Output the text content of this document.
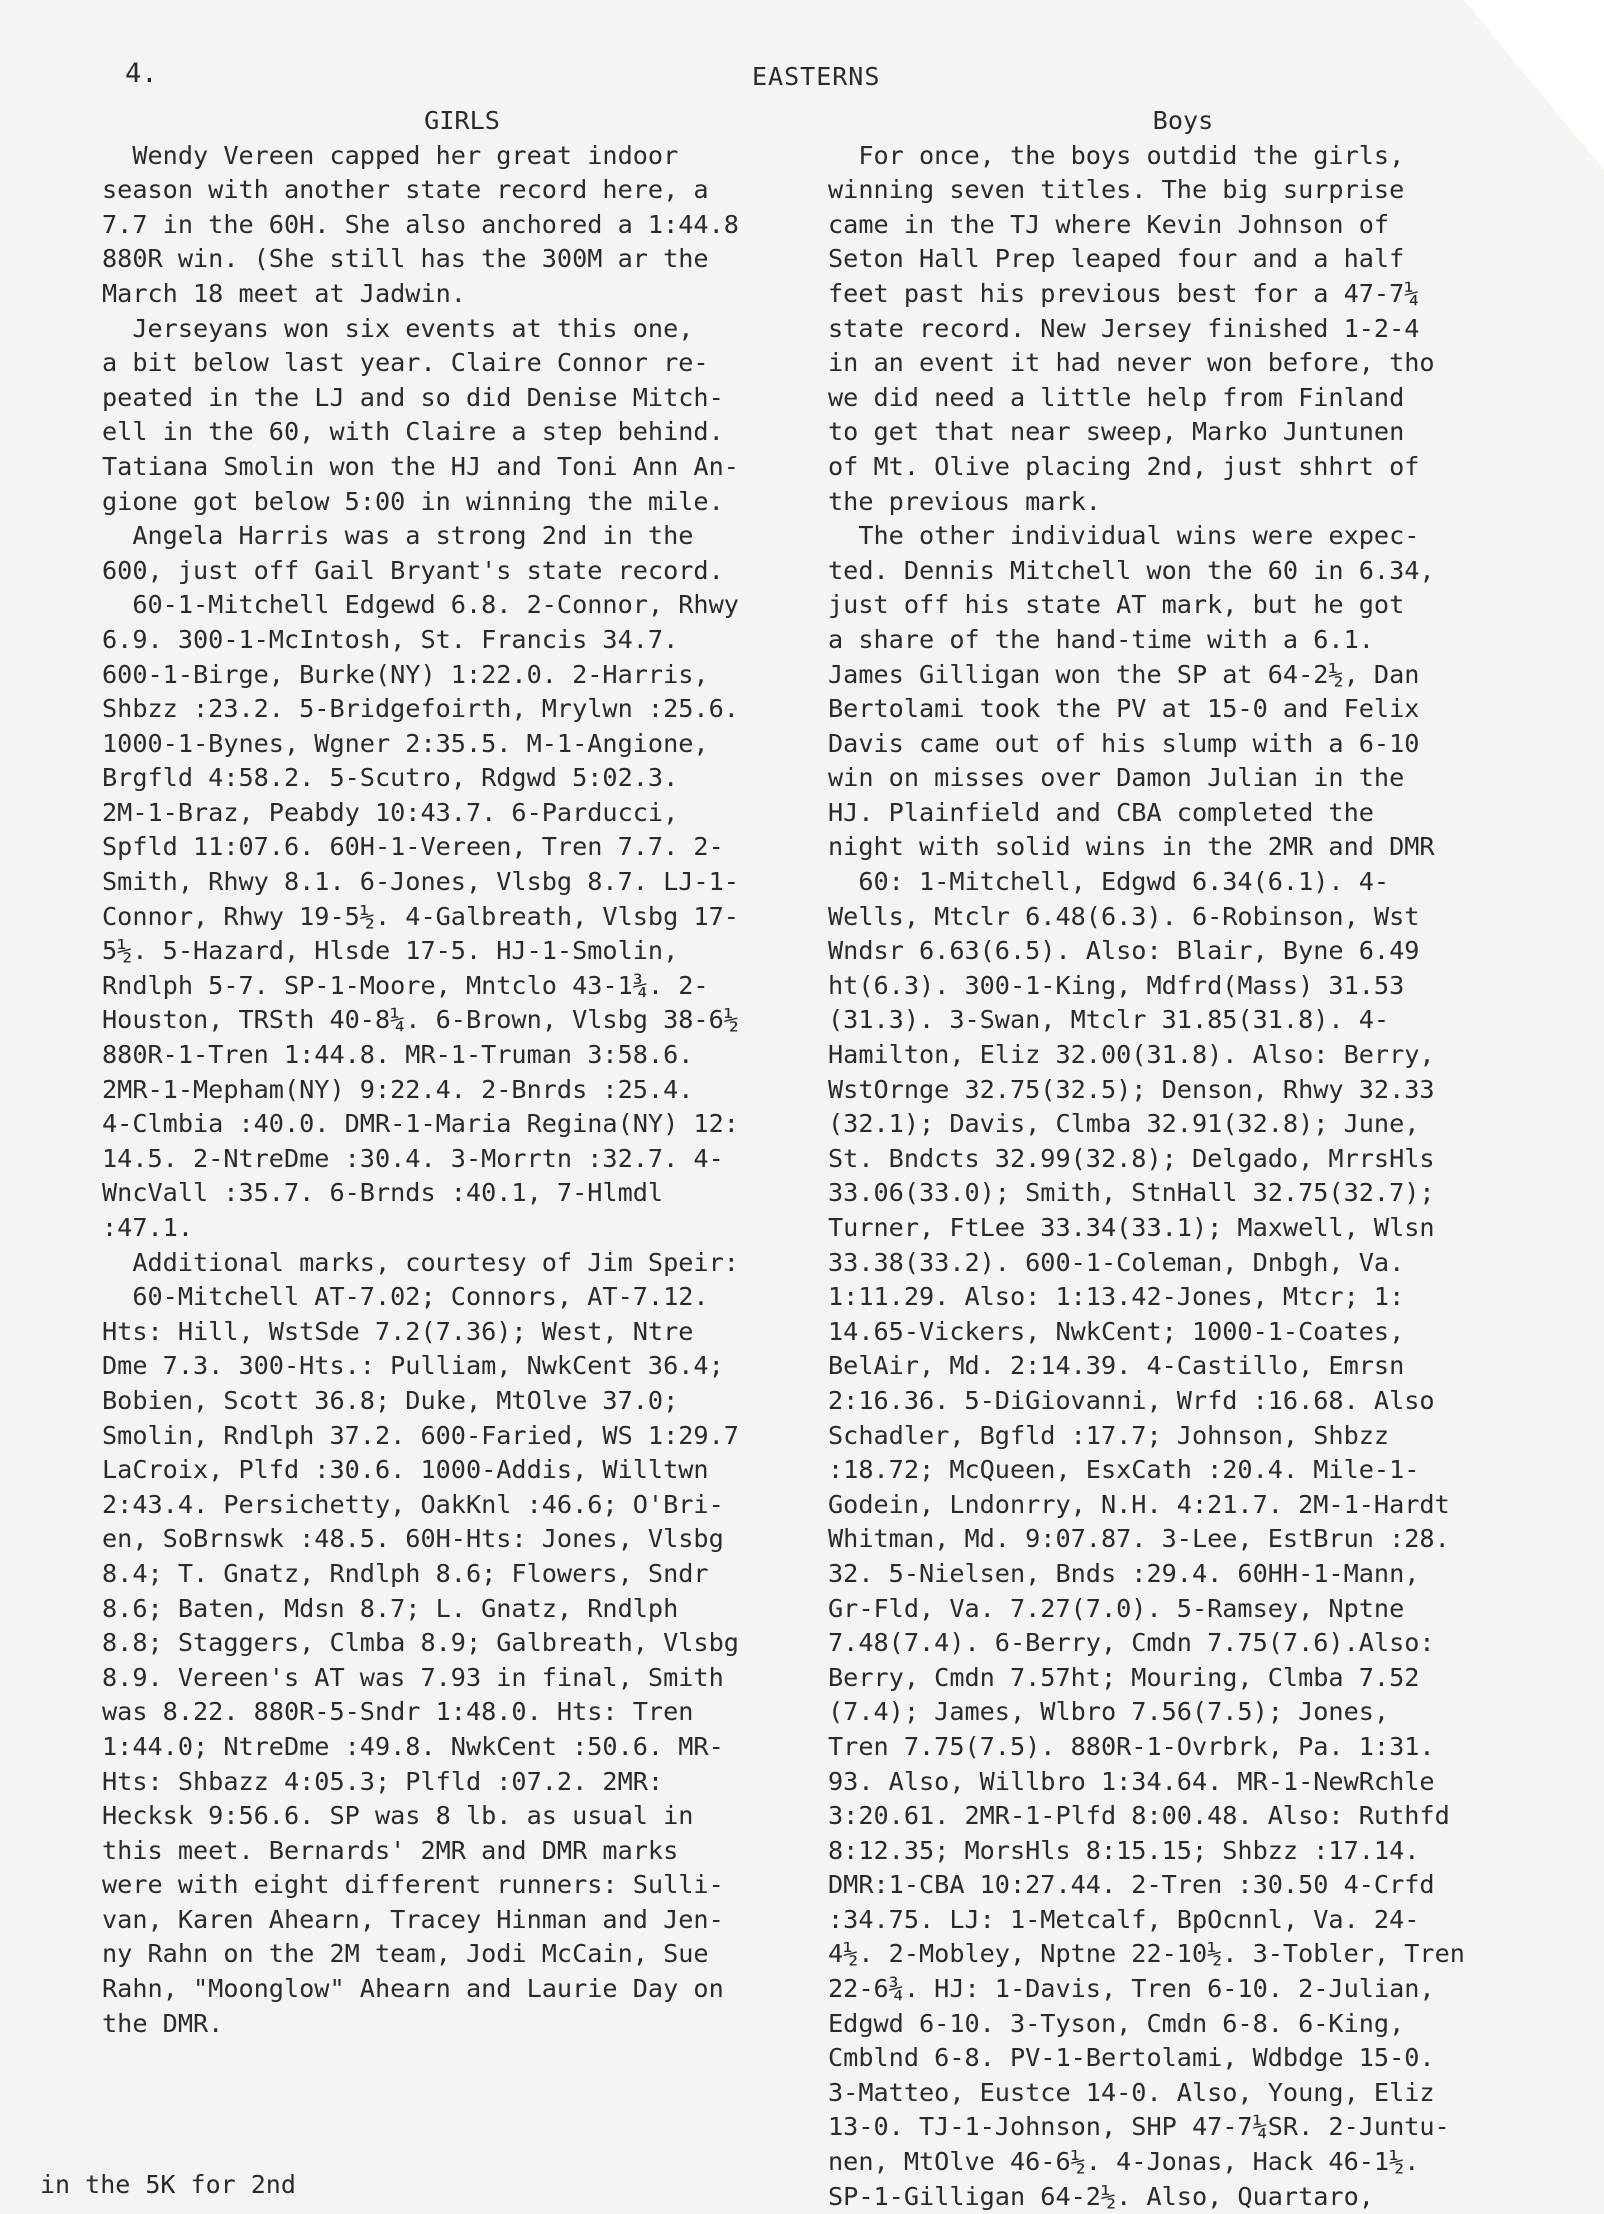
4.	EASTERNS
GIRLS
Wendy Vereen capped her great indoor
season with another state record here, a
7.7 in the 60H. She also anchored a 1:44.8
880R win. (She still has the 300M ar the
March 18 meet at Jadwin.
Jerseyans won six events at this one,
a bit below last year. Claire Connor re-
peated in the LJ and so did Denise Mitch-
ell in the 60, with Claire a step behind.
Tatiana Smolin won the HJ and Toni Ann An-
gione got below 5:00 in winning the mile.
Angela Harris was a strong 2nd in the
600, just off Gail Bryant's state record.
60-1-Mitchell Edgewd 6.8. 2-Connor, Rhwy
6.9. 300-1-McIntosh, St. Francis 34.7.
600-1-Birge, Burke(NY) 1:22.0. 2-Harris,
Shbzz :23.2. 5-Bridgefoirth, Mrylwn :25.6.
1000-1-Bynes, Wgner 2:35.5. M-1-Angione,
Brgfld 4:58.2. 5-Scutro, Rdgwd 5:02.3.
2M-1-Braz, Peabdy 10:43.7. 6-Parducci,
Spfld 11:07.6. 60H-1-Vereen, Tren 7.7. 2-
Smith, Rhwy 8.1. 6-Jones, Vlsbg 8.7. LJ-1-
Connor, Rhwy 19-5½. 4-Galbreath, Vlsbg 17-
5½. 5-Hazard, Hlsde 17-5. HJ-1-Smolin,
Rndlph 5-7. SP-1-Moore, Mntclo 43-1¾. 2-
Houston, TRSth 40-8¼. 6-Brown, Vlsbg 38-6½
880R-1-Tren 1:44.8. MR-1-Truman 3:58.6.
2MR-1-Mepham(NY) 9:22.4. 2-Bnrds :25.4.
4-Clmbia :40.0. DMR-1-Maria Regina(NY) 12:
14.5. 2-NtreDme :30.4. 3-Morrtn :32.7. 4-
WncVall :35.7. 6-Brnds :40.1, 7-Hlmdl
:47.1.
Additional marks, courtesy of Jim Speir:
60-Mitchell AT-7.02; Connors, AT-7.12.
Hts: Hill, WstSde 7.2(7.36); West, Ntre
Dme 7.3. 300-Hts.: Pulliam, NwkCent 36.4;
Bobien, Scott 36.8; Duke, MtOlve 37.0;
Smolin, Rndlph 37.2. 600-Faried, WS 1:29.7
LaCroix, Plfd :30.6. 1000-Addis, Willtwn
2:43.4. Persichetty, OakKnl :46.6; O'Bri-
en, SoBrnswk :48.5. 60H-Hts: Jones, Vlsbg
8.4; T. Gnatz, Rndlph 8.6; Flowers, Sndr
8.6; Baten, Mdsn 8.7; L. Gnatz, Rndlph
8.8; Staggers, Clmba 8.9; Galbreath, Vlsbg
8.9. Vereen's AT was 7.93 in final, Smith
was 8.22. 880R-5-Sndr 1:48.0. Hts: Tren
1:44.0; NtreDme :49.8. NwkCent :50.6. MR-
Hts: Shbazz 4:05.3; Plfld :07.2. 2MR:
Hecksk 9:56.6. SP was 8 lb. as usual in
this meet. Bernards' 2MR and DMR marks
were with eight different runners: Sulli-
van, Karen Ahearn, Tracey Hinman and Jen-
ny Rahn on the 2M team, Jodi McCain, Sue
Rahn, "Moonglow" Ahearn and Laurie Day on
the DMR.
Boys
For once, the boys outdid the girls,
winning seven titles. The big surprise
came in the TJ where Kevin Johnson of
Seton Hall Prep leaped four and a half
feet past his previous best for a 47-7¼
state record. New Jersey finished 1-2-4
in an event it had never won before, tho
we did need a little help from Finland
to get that near sweep, Marko Juntunen
of Mt. Olive placing 2nd, just shhrt of
the previous mark.
The other individual wins were expec-
ted. Dennis Mitchell won the 60 in 6.34,
just off his state AT mark, but he got
a share of the hand-time with a 6.1.
James Gilligan won the SP at 64-2½, Dan
Bertolami took the PV at 15-0 and Felix
Davis came out of his slump with a 6-10
win on misses over Damon Julian in the
HJ. Plainfield and CBA completed the
night with solid wins in the 2MR and DMR
60: 1-Mitchell, Edgwd 6.34(6.1). 4-
Wells, Mtclr 6.48(6.3). 6-Robinson, Wst
Wndsr 6.63(6.5). Also: Blair, Byne 6.49
ht(6.3). 300-1-King, Mdfrd(Mass) 31.53
(31.3). 3-Swan, Mtclr 31.85(31.8). 4-
Hamilton, Eliz 32.00(31.8). Also: Berry,
WstOrnge 32.75(32.5); Denson, Rhwy 32.33
(32.1); Davis, Clmba 32.91(32.8); June,
St. Bndcts 32.99(32.8); Delgado, MrrsHls
33.06(33.0); Smith, StnHall 32.75(32.7);
Turner, FtLee 33.34(33.1); Maxwell, Wlsn
33.38(33.2). 600-1-Coleman, Dnbgh, Va.
1:11.29. Also: 1:13.42-Jones, Mtcr; 1:
14.65-Vickers, NwkCent; 1000-1-Coates,
BelAir, Md. 2:14.39. 4-Castillo, Emrsn
2:16.36. 5-DiGiovanni, Wrfd :16.68. Also
Schadler, Bgfld :17.7; Johnson, Shbzz
:18.72; McQueen, EsxCath :20.4. Mile-1-
Godein, Lndonrry, N.H. 4:21.7. 2M-1-Hardt
Whitman, Md. 9:07.87. 3-Lee, EstBrun :28.
32. 5-Nielsen, Bnds :29.4. 60HH-1-Mann,
Gr-Fld, Va. 7.27(7.0). 5-Ramsey, Nptne
7.48(7.4). 6-Berry, Cmdn 7.75(7.6).Also:
Berry, Cmdn 7.57ht; Mouring, Clmba 7.52
(7.4); James, Wlbro 7.56(7.5); Jones,
Tren 7.75(7.5). 880R-1-Ovrbrk, Pa. 1:31.
93. Also, Willbro 1:34.64. MR-1-NewRchle
3:20.61. 2MR-1-Plfd 8:00.48. Also: Ruthfd
8:12.35; MorsHls 8:15.15; Shbzz :17.14.
DMR:1-CBA 10:27.44. 2-Tren :30.50 4-Crfd
:34.75. LJ: 1-Metcalf, BpOcnnl, Va. 24-
4½. 2-Mobley, Nptne 22-10½. 3-Tobler, Tren
22-6¾. HJ: 1-Davis, Tren 6-10. 2-Julian,
Edgwd 6-10. 3-Tyson, Cmdn 6-8. 6-King,
Cmblnd 6-8. PV-1-Bertolami, Wdbdge 15-0.
3-Matteo, Eustce 14-0. Also, Young, Eliz
13-0. TJ-1-Johnson, SHP 47-7¼SR. 2-Juntu-
nen, MtOlve 46-6½. 4-Jonas, Hack 46-1½.
SP-1-Gilligan 64-2½. Also, Quartaro,
in the 5K for 2nd
